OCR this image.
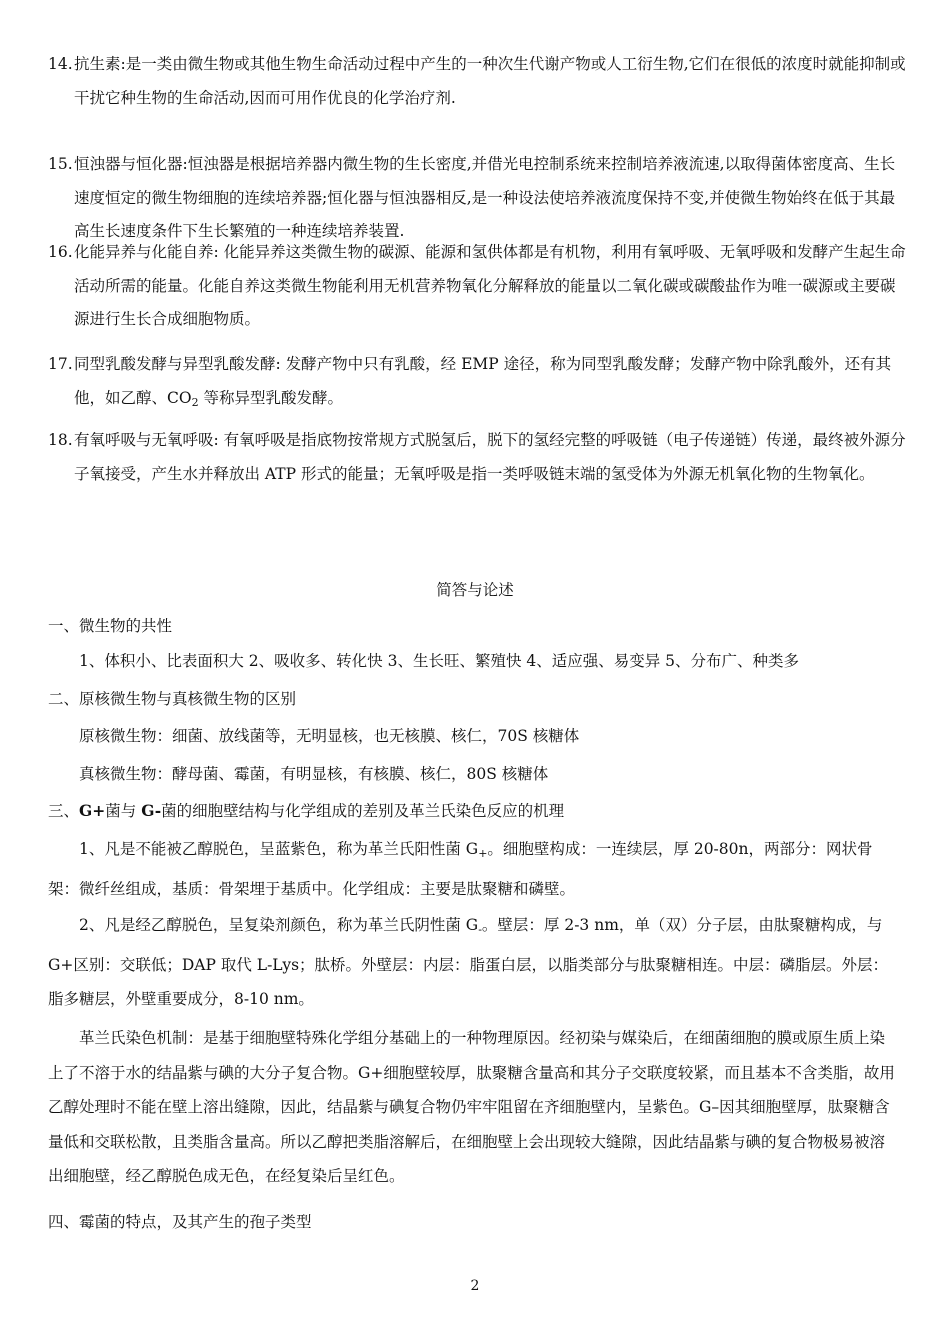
14. 抗生素:是一类由微生物或其他生物生命活动过程中产生的一种次生代谢产物或人工衍生物,它们在很低的浓度时就能抑制或干扰它种生物的生命活动,因而可用作优良的化学治疗剂.
15. 恒浊器与恒化器:恒浊器是根据培养器内微生物的生长密度,并借光电控制系统来控制培养液流速,以取得菌体密度高、生长速度恒定的微生物细胞的连续培养器;恒化器与恒浊器相反,是一种设法使培养液流度保持不变,并使微生物始终在低于其最高生长速度条件下生长繁殖的一种连续培养装置.
16. 化能异养与化能自养: 化能异养这类微生物的碳源、能源和氢供体都是有机物，利用有氧呼吸、无氧呼吸和发酵产生起生命活动所需的能量。化能自养这类微生物能利用无机营养物氧化分解释放的能量以二氧化碳或碳酸盐作为唯一碳源或主要碳源进行生长合成细胞物质。
17. 同型乳酸发酵与异型乳酸发酵: 发酵产物中只有乳酸，经 EMP 途径，称为同型乳酸发酵；发酵产物中除乳酸外，还有其他，如乙醇、$CO_2$ 等称异型乳酸发酵。
18. 有氧呼吸与无氧呼吸: 有氧呼吸是指底物按常规方式脱氢后，脱下的氢经完整的呼吸链（电子传递链）传递，最终被外源分子氧接受，产生水并释放出 ATP 形式的能量；无氧呼吸是指一类呼吸链末端的氢受体为外源无机氧化物的生物氧化。
简答与论述
一、微生物的共性
1、体积小、比表面积大 2、吸收多、转化快 3、生长旺、繁殖快 4、适应强、易变异 5、分布广、种类多
二、原核微生物与真核微生物的区别
原核微生物：细菌、放线菌等，无明显核，也无核膜、核仁，70S 核糖体
真核微生物：酵母菌、霉菌，有明显核，有核膜、核仁，80S 核糖体
三、G+菌与 G-菌的细胞壁结构与化学组成的差别及革兰氏染色反应的机理
1、凡是不能被乙醇脱色，呈蓝紫色，称为革兰氏阳性菌 $G_+$。细胞壁构成：一连续层，厚 20-80n，两部分：网状骨架：微纤丝组成，基质：骨架埋于基质中。化学组成：主要是肽聚糖和磷壁。
2、凡是经乙醇脱色，呈复染剂颜色，称为革兰氏阴性菌 $G_-$。壁层：厚 2-3 nm，单（双）分子层，由肽聚糖构成，与 G+区别：交联低；DAP 取代 L-Lys；肽桥。外壁层：内层：脂蛋白层，以脂类部分与肽聚糖相连。中层：磷脂层。外层：脂多糖层，外壁重要成分，8-10 nm。
革兰氏染色机制：是基于细胞壁特殊化学组分基础上的一种物理原因。经初染与媒染后，在细菌细胞的膜或原生质上染上了不溶于水的结晶紫与碘的大分子复合物。G+细胞壁较厚，肽聚糖含量高和其分子交联度较紧，而且基本不含类脂，故用乙醇处理时不能在壁上溶出缝隙，因此，结晶紫与碘复合物仍牢牢阻留在齐细胞壁内，呈紫色。G–因其细胞壁厚，肽聚糖含量低和交联松散，且类脂含量高。所以乙醇把类脂溶解后，在细胞壁上会出现较大缝隙，因此结晶紫与碘的复合物极易被溶出细胞壁，经乙醇脱色成无色，在经复染后呈红色。
四、霉菌的特点，及其产生的孢子类型
2
